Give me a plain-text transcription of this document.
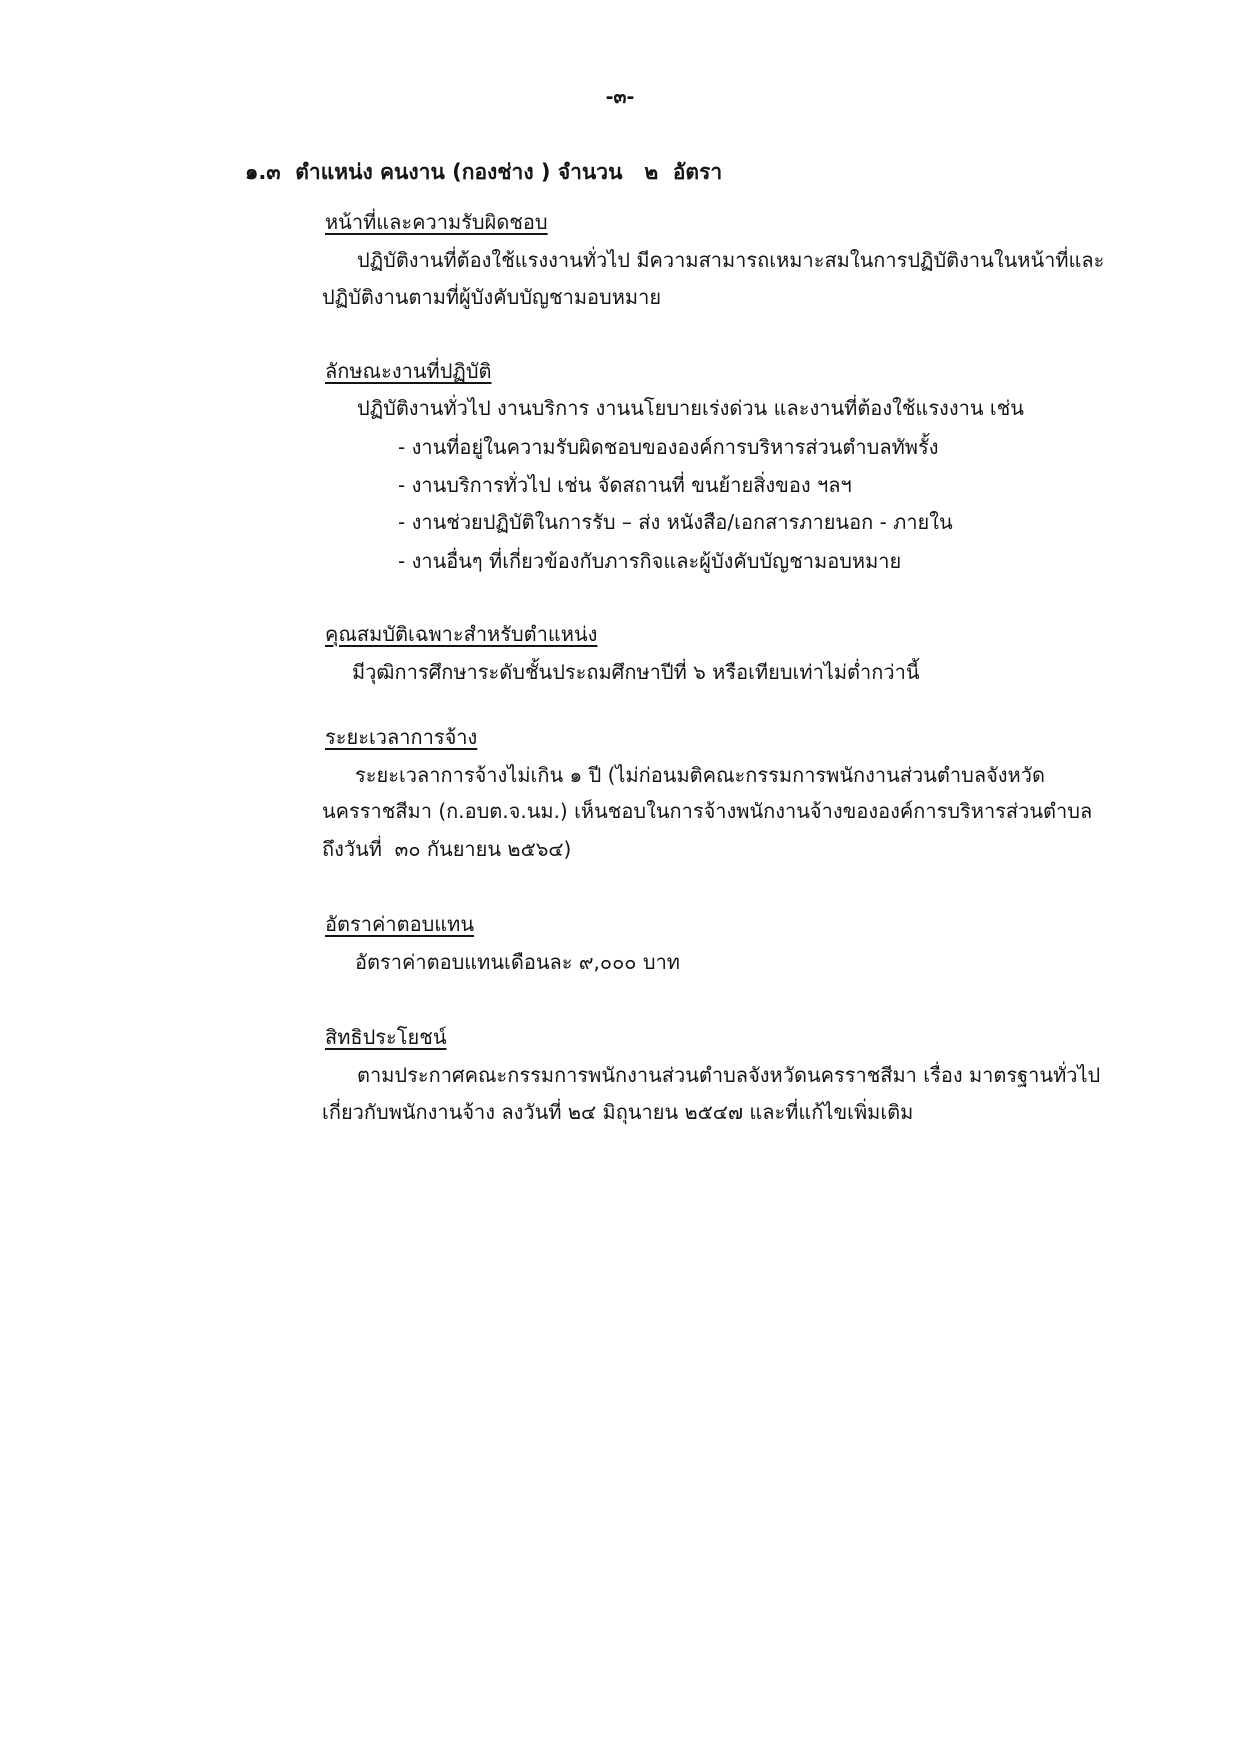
-๓-
๑.๓  ตำแหน่ง คนงาน (กองช่าง ) จำนวน   ๒  อัตรา
หน้าที่และความรับผิดชอบ
ปฏิบัติงานที่ต้องใช้แรงงานทั่วไป มีความสามารถเหมาะสมในการปฏิบัติงานในหน้าที่และ
ปฏิบัติงานตามที่ผู้บังคับบัญชามอบหมาย
ลักษณะงานที่ปฏิบัติ
ปฏิบัติงานทั่วไป งานบริการ งานนโยบายเร่งด่วน และงานที่ต้องใช้แรงงาน เช่น
- งานที่อยู่ในความรับผิดชอบขององค์การบริหารส่วนตำบลทัพรั้ง
- งานบริการทั่วไป เช่น จัดสถานที่ ขนย้ายสิ่งของ ฯลฯ
- งานช่วยปฏิบัติในการรับ – ส่ง หนังสือ/เอกสารภายนอก - ภายใน
- งานอื่นๆ ที่เกี่ยวข้องกับภารกิจและผู้บังคับบัญชามอบหมาย
คุณสมบัติเฉพาะสำหรับตำแหน่ง
มีวุฒิการศึกษาระดับชั้นประถมศึกษาปีที่ ๖ หรือเทียบเท่าไม่ต่ำกว่านี้
ระยะเวลาการจ้าง
ระยะเวลาการจ้างไม่เกิน ๑ ปี (ไม่ก่อนมติคณะกรรมการพนักงานส่วนตำบลจังหวัด
นครราชสีมา (ก.อบต.จ.นม.) เห็นชอบในการจ้างพนักงานจ้างขององค์การบริหารส่วนตำบล
ถึงวันที่  ๓๐ กันยายน ๒๕๖๔)
อัตราค่าตอบแทน
อัตราค่าตอบแทนเดือนละ ๙,๐๐๐ บาท
สิทธิประโยชน์
ตามประกาศคณะกรรมการพนักงานส่วนตำบลจังหวัดนครราชสีมา เรื่อง มาตรฐานทั่วไป
เกี่ยวกับพนักงานจ้าง ลงวันที่ ๒๔ มิถุนายน ๒๕๔๗ และที่แก้ไขเพิ่มเติม
